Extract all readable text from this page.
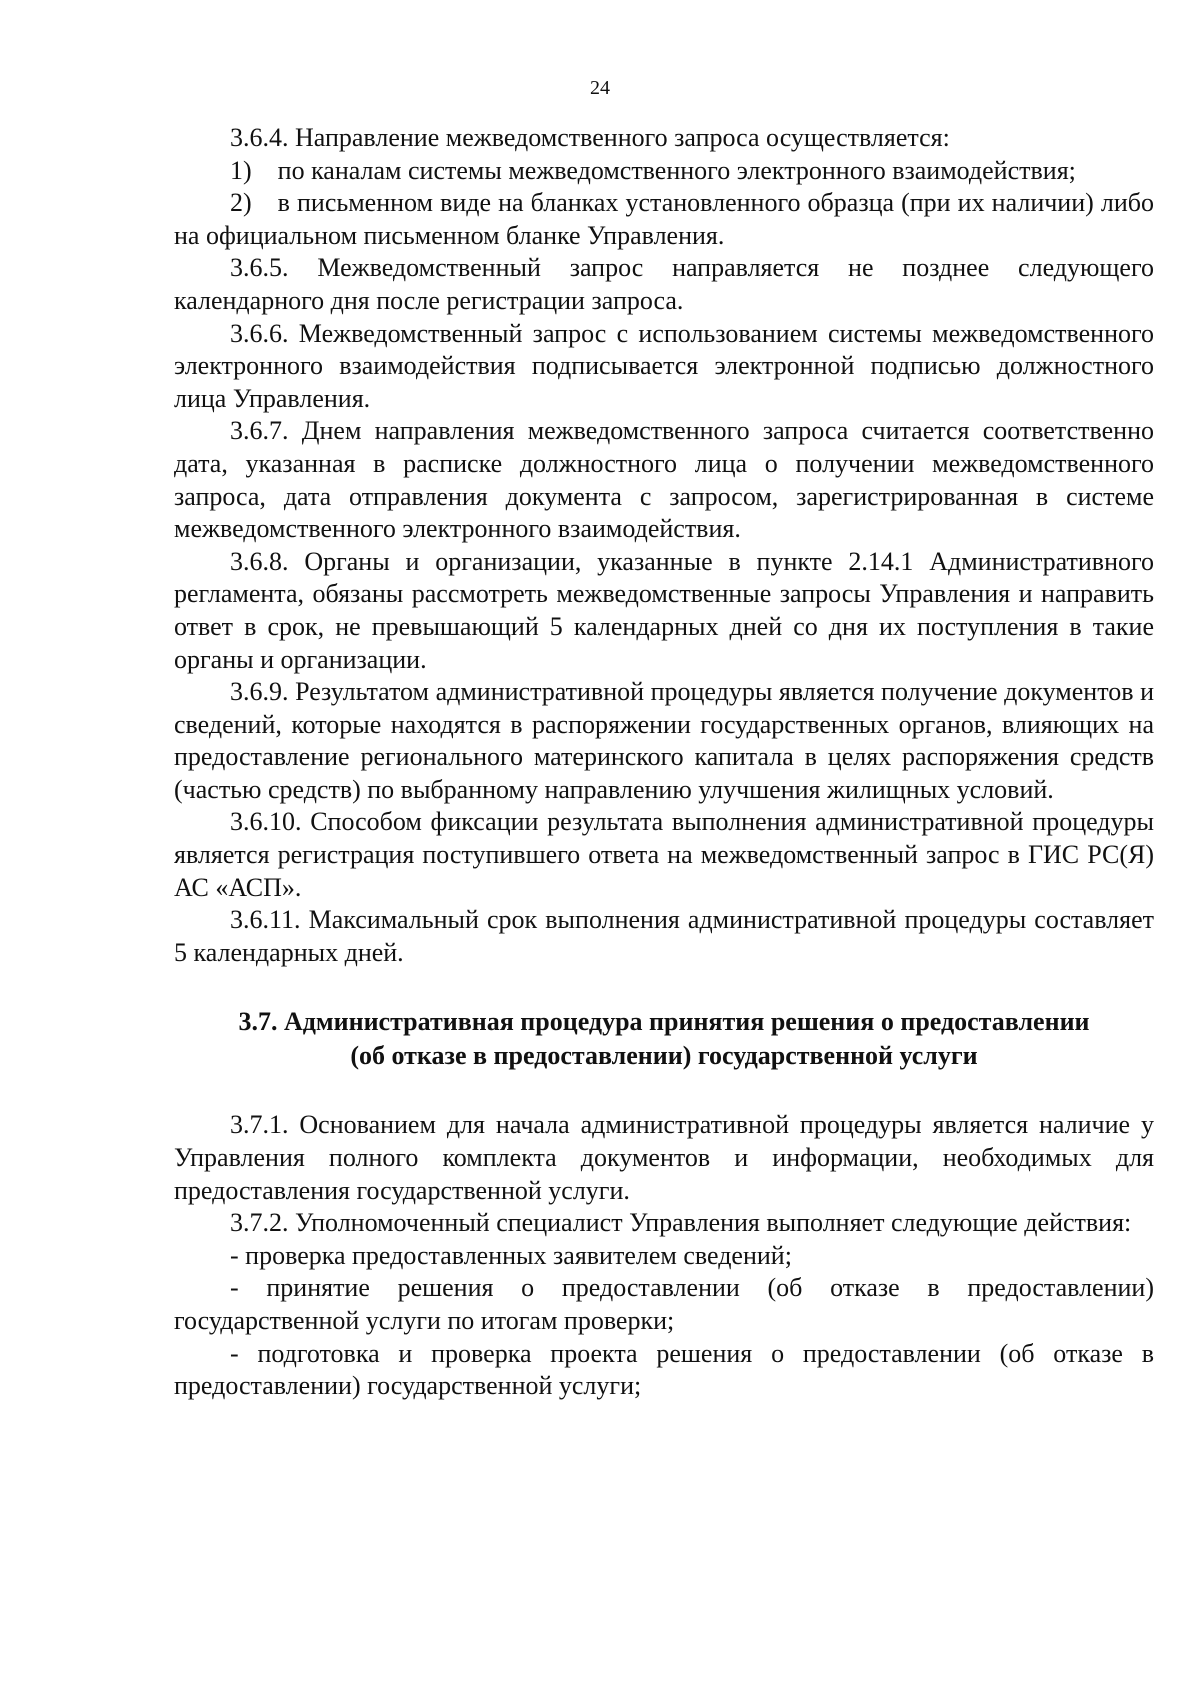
24

3.6.4. Направление межведомственного запроса осуществляется:

1) по каналам системы межведомственного электронного взаимодействия;

2) в письменном виде на бланках установленного образца (при их наличии) либо на официальном письменном бланке Управления.

3.6.5. Межведомственный запрос направляется не позднее следующего календарного дня после регистрации запроса.

3.6.6. Межведомственный запрос с использованием системы межведомственного электронного взаимодействия подписывается электронной подписью должностного лица Управления.

3.6.7. Днем направления межведомственного запроса считается соответственно дата, указанная в расписке должностного лица о получении межведомственного запроса, дата отправления документа с запросом, зарегистрированная в системе межведомственного электронного взаимодействия.

3.6.8. Органы и организации, указанные в пункте 2.14.1 Административного регламента, обязаны рассмотреть межведомственные запросы Управления и направить ответ в срок, не превышающий 5 календарных дней со дня их поступления в такие органы и организации.

3.6.9. Результатом административной процедуры является получение документов и сведений, которые находятся в распоряжении государственных органов, влияющих на предоставление регионального материнского капитала в целях распоряжения средств (частью средств) по выбранному направлению улучшения жилищных условий.

3.6.10. Способом фиксации результата выполнения административной процедуры является регистрация поступившего ответа на межведомственный запрос в ГИС РС(Я) АС «АСП».

3.6.11. Максимальный срок выполнения административной процедуры составляет 5 календарных дней.

3.7. Административная процедура принятия решения о предоставлении
(об отказе в предоставлении) государственной услуги

3.7.1. Основанием для начала административной процедуры является наличие у Управления полного комплекта документов и информации, необходимых для предоставления государственной услуги.

3.7.2. Уполномоченный специалист Управления выполняет следующие действия:

- проверка предоставленных заявителем сведений;

- принятие решения о предоставлении (об отказе в предоставлении) государственной услуги по итогам проверки;

- подготовка и проверка проекта решения о предоставлении (об отказе в предоставлении) государственной услуги;
